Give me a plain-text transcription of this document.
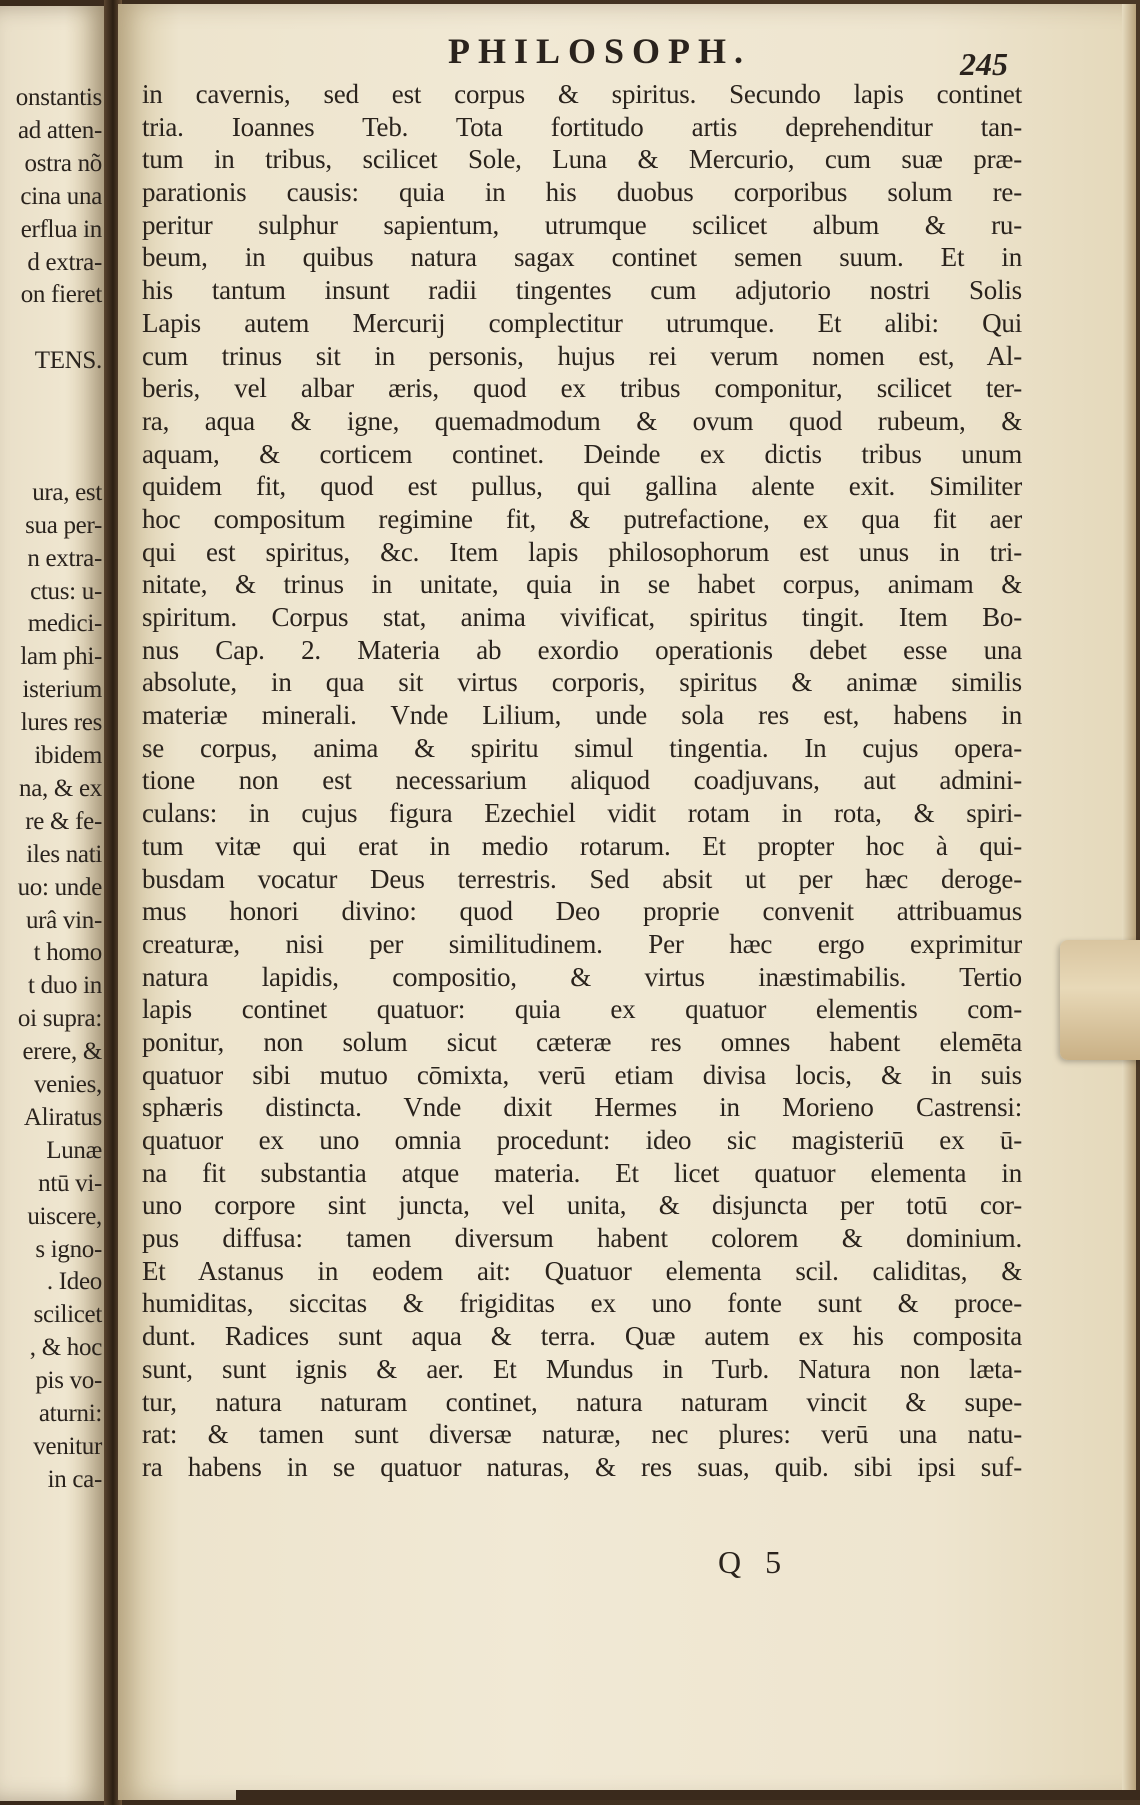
onstantis
ad atten-
ostra nõ
cina una
erflua in
d extra-
on fieret
TENS.
ura, est
sua per-
n extra-
ctus: u-
medici-
lam phi-
isterium
lures res
ibidem
na, & ex
re & fe-
iles nati
uo: unde
urâ vin-
t homo
t duo in
oi supra:
erere, &
venies,
Aliratus
Lunæ
ntū vi-
uiscere,
s igno-
. Ideo
scilicet
, & hoc
pis vo-
aturni:
venitur
in ca-
PHILOSOPH.	245
in cavernis, sed est corpus & spiritus. Secundo lapis continet
tria. Ioannes Teb. Tota fortitudo artis deprehenditur tan-
tum in tribus, scilicet Sole, Luna & Mercurio, cum suæ præ-
parationis causis: quia in his duobus corporibus solum re-
peritur sulphur sapientum, utrumque scilicet album & ru-
beum, in quibus natura sagax continet semen suum. Et in
his tantum insunt radii tingentes cum adjutorio nostri Solis
Lapis autem Mercurij complectitur utrumque. Et alibi: Qui
cum trinus sit in personis, hujus rei verum nomen est, Al-
beris, vel albar æris, quod ex tribus componitur, scilicet ter-
ra, aqua & igne, quemadmodum & ovum quod rubeum, &
aquam, & corticem continet. Deinde ex dictis tribus unum
quidem fit, quod est pullus, qui gallina alente exit. Similiter
hoc compositum regimine fit, & putrefactione, ex qua fit aer
qui est spiritus, &c. Item lapis philosophorum est unus in tri-
nitate, & trinus in unitate, quia in se habet corpus, animam &
spiritum. Corpus stat, anima vivificat, spiritus tingit. Item Bo-
nus Cap. 2. Materia ab exordio operationis debet esse una
absolute, in qua sit virtus corporis, spiritus & animæ similis
materiæ minerali. Vnde Lilium, unde sola res est, habens in
se corpus, anima & spiritu simul tingentia. In cujus opera-
tione non est necessarium aliquod coadjuvans, aut admini-
culans: in cujus figura Ezechiel vidit rotam in rota, & spiri-
tum vitæ qui erat in medio rotarum. Et propter hoc à qui-
busdam vocatur Deus terrestris. Sed absit ut per hæc deroge-
mus honori divino: quod Deo proprie convenit attribuamus
creaturæ, nisi per similitudinem. Per hæc ergo exprimitur
natura lapidis, compositio, & virtus inæstimabilis. Tertio
lapis continet quatuor: quia ex quatuor elementis com-
ponitur, non solum sicut cæteræ res omnes habent elemēta
quatuor sibi mutuo cōmixta, verū etiam divisa locis, & in suis
sphæris distincta. Vnde dixit Hermes in Morieno Castrensi:
quatuor ex uno omnia procedunt: ideo sic magisteriū ex ū-
na fit substantia atque materia. Et licet quatuor elementa in
uno corpore sint juncta, vel unita, & disjuncta per totū cor-
pus diffusa: tamen diversum habent colorem & dominium.
Et Astanus in eodem ait: Quatuor elementa scil. caliditas, &
humiditas, siccitas & frigiditas ex uno fonte sunt & proce-
dunt. Radices sunt aqua & terra. Quæ autem ex his composita
sunt, sunt ignis & aer. Et Mundus in Turb. Natura non læta-
tur, natura naturam continet, natura naturam vincit & supe-
rat: & tamen sunt diversæ naturæ, nec plures: verū una natu-
ra habens in se quatuor naturas, & res suas, quib. sibi ipsi suf-
Q 5
